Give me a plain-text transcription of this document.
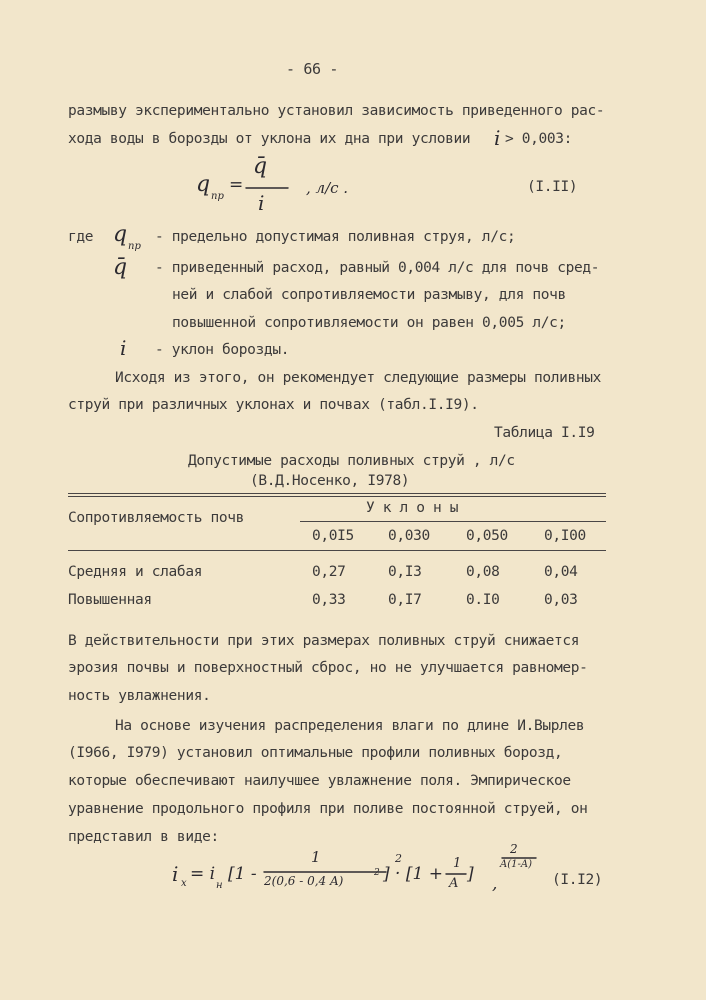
- 66 -
размыву экспериментально установил зависимость приведенного рас-
хода воды в борозды от уклона их дна при условии i > 0,003:
q пр
=
q̄
i
, л/с .	(I.II)
где q пр
- предельно допустимая поливная струя, л/с;
q̄ - приведенный расход, равный 0,004 л/с для почв сред-
ней и слабой сопротивляемости размыву, для почв
повышенной сопротивляемости он равен 0,005 л/с;
i - уклон борозды.
Исходя из этого, он рекомендует следующие размеры поливных
струй при различных уклонах и почвах (табл.I.I9).
Таблица I.I9
Допустимые расходы поливных струй , л/с
(В.Д.Носенко, I978)
Сопротивляемость почв
У к л о н ы
0,0I5 0,030 0,050 0,I00
Средняя и слабая	0,27	0,I3	0,08	0,04
Повышенная	0,33	0,I7	0.I0	0,03
В действительности при этих размерах поливных струй снижается
эрозия почвы и поверхностный сброс, но не улучшается равномер-
ность увлажнения.
На основе изучения распределения влаги по длине И.Вырлев
(I966, I979) установил оптимальные профили поливных борозд,
которые обеспечивают наилучшее увлажнение поля. Эмпирическое
уравнение продольного профиля при поливе постоянной струей, он
представил в виде:
i x = i
н
[1 -
1
2(0,6 - 0,4 A)
2
2
] · [1 +
1
A ]
2
A(1-A)
,	(I.I2)
